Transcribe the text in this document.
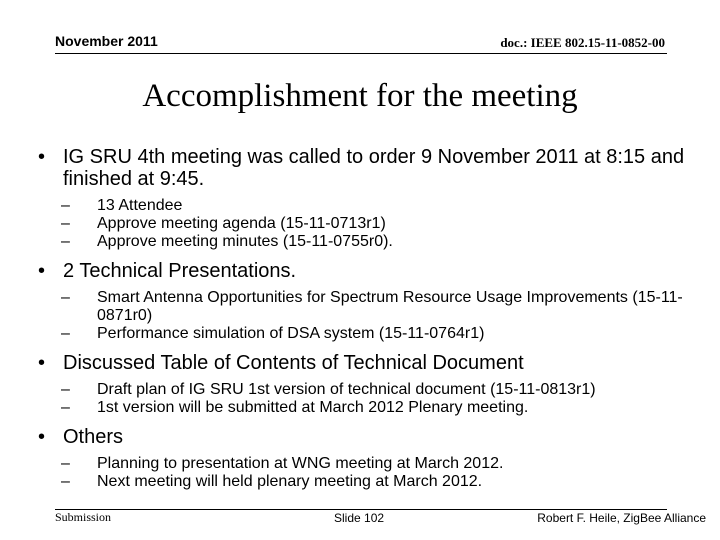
November 2011	doc.: IEEE 802.15-11-0852-00
Accomplishment for the meeting
• IG SRU 4th meeting was called to order 9 November 2011 at 8:15 and finished at 9:45.
– 13 Attendee
– Approve meeting agenda (15-11-0713r1)
– Approve meeting minutes (15-11-0755r0).
• 2 Technical Presentations.
– Smart Antenna Opportunities for Spectrum Resource Usage Improvements (15-11-0871r0)
– Performance simulation of DSA system (15-11-0764r1)
• Discussed Table of Contents of Technical Document
– Draft plan of IG SRU 1st version of technical document (15-11-0813r1)
– 1st version will be submitted at March 2012 Plenary meeting.
• Others
– Planning to presentation at WNG meeting at March 2012.
– Next meeting will held plenary meeting at March 2012.
Submission	Slide 102	Robert F. Heile, ZigBee Alliance
